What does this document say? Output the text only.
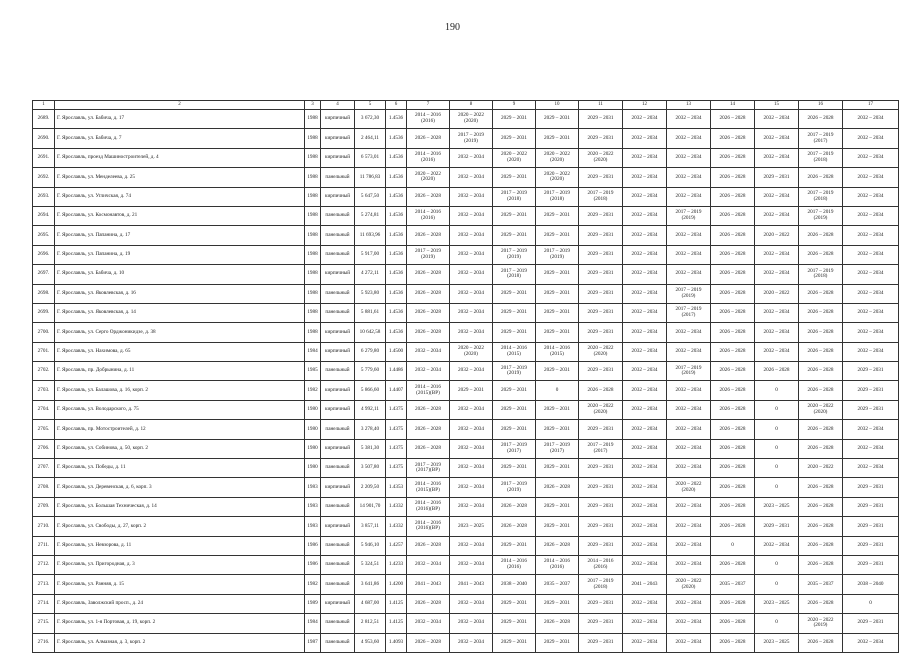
190
1	2	3	4	5	6	7	8	9	10	11	12	13	14	15	16	17
2689.	Г. Ярославль, ул. Бабича, д. 17	1988	кирпичный	3 672,30	1.4536	2014 – 2016 (2016)	2020 – 2022 (2020)	2029 – 2031	2029 – 2031	2029 – 2031	2032 – 2034	2032 – 2034	2026 – 2028	2032 – 2034	2026 – 2028	2032 – 2034
2690.	Г. Ярославль, ул. Бабича, д. 7	1988	кирпичный	2 464,11	1.4536	2026 – 2028	2017 – 2019 (2019)	2029 – 2031	2029 – 2031	2029 – 2031	2032 – 2034	2032 – 2034	2026 – 2028	2032 – 2034	2017 – 2019 (2017)	2032 – 2034
2691.	Г. Ярославль, проезд Машиностроителей, д. 4	1988	кирпичный	6 573,01	1.4536	2014 – 2016 (2016)	2032 – 2034	2020 – 2022 (2020)	2020 – 2022 (2020)	2020 – 2022 (2020)	2032 – 2034	2032 – 2034	2026 – 2028	2032 – 2034	2017 – 2019 (2018)	2032 – 2034
2692.	Г. Ярославль, ул. Менделеева, д. 25	1988	панельный	11 786,83	1.4536	2020 – 2022 (2020)	2032 – 2034	2029 – 2031	2020 – 2022 (2020)	2029 – 2031	2032 – 2034	2032 – 2034	2026 – 2028	2029 – 2031	2026 – 2028	2032 – 2034
2693.	Г. Ярославль, ул. Угличская, д. 74	1988	кирпичный	5 647,50	1.4536	2026 – 2028	2032 – 2034	2017 – 2019 (2018)	2017 – 2019 (2018)	2017 – 2019 (2018)	2032 – 2034	2032 – 2034	2026 – 2028	2032 – 2034	2017 – 2019 (2018)	2032 – 2034
2694.	Г. Ярославль, ул. Космонавтов, д. 21	1988	панельный	5 274,81	1.4536	2014 – 2016 (2016)	2032 – 2034	2029 – 2031	2029 – 2031	2029 – 2031	2032 – 2034	2017 – 2019 (2019)	2026 – 2028	2032 – 2034	2017 – 2019 (2019)	2032 – 2034
2695.	Г. Ярославль, ул. Папанина, д. 17	1988	панельный	11 693,96	1.4536	2026 – 2028	2032 – 2034	2029 – 2031	2029 – 2031	2029 – 2031	2032 – 2034	2032 – 2034	2026 – 2028	2020 – 2022	2026 – 2028	2032 – 2034
2696.	Г. Ярославль, ул. Папанина, д. 19	1988	панельный	5 917,00	1.4536	2017 – 2019 (2019)	2032 – 2034	2017 – 2019 (2019)	2017 – 2019 (2019)	2029 – 2031	2032 – 2034	2032 – 2034	2026 – 2028	2032 – 2034	2026 – 2028	2032 – 2034
2697.	Г. Ярославль, ул. Бабича, д. 10	1988	кирпичный	4 272,11	1.4536	2026 – 2028	2032 – 2034	2017 – 2019 (2018)	2029 – 2031	2029 – 2031	2032 – 2034	2032 – 2034	2026 – 2028	2032 – 2034	2017 – 2019 (2018)	2032 – 2034
2698.	Г. Ярославль, ул. Яковлевская, д. 16	1988	панельный	5 923,80	1.4536	2026 – 2028	2032 – 2034	2029 – 2031	2029 – 2031	2029 – 2031	2032 – 2034	2017 – 2019 (2019)	2026 – 2028	2020 – 2022	2026 – 2028	2032 – 2034
2699.	Г. Ярославль, ул. Яковлевская, д. 14	1988	панельный	5 881,61	1.4536	2026 – 2028	2032 – 2034	2029 – 2031	2029 – 2031	2029 – 2031	2032 – 2034	2017 – 2019 (2017)	2026 – 2028	2032 – 2034	2026 – 2028	2032 – 2034
2700.	Г. Ярославль, ул. Серго Орджоникидзе, д. 38	1988	кирпичный	10 642,58	1.4536	2026 – 2028	2032 – 2034	2029 – 2031	2029 – 2031	2029 – 2031	2032 – 2034	2032 – 2034	2026 – 2028	2032 – 2034	2026 – 2028	2032 – 2034
2701.	Г. Ярославль, ул. Нахимова, д. 65	1984	кирпичный	6 279,80	1.4500	2032 – 2034	2020 – 2022 (2020)	2014 – 2016 (2015)	2014 – 2016 (2015)	2020 – 2022 (2020)	2032 – 2034	2032 – 2034	2026 – 2028	2032 – 2034	2026 – 2028	2032 – 2034
2702.	Г. Ярославль, пр. Добрынина, д. 11	1985	панельный	5 779,60	1.4486	2032 – 2034	2032 – 2034	2017 – 2019 (2019)	2029 – 2031	2029 – 2031	2032 – 2034	2017 – 2019 (2019)	2026 – 2028	2026 – 2028	2026 – 2028	2029 – 2031
2703.	Г. Ярославль, ул. Балашова, д. 16, корп. 2	1982	кирпичный	5 866,60	1.4407	2014 – 2016 (2015)(ВР)	2029 – 2031	2029 – 2031	0	2026 – 2028	2032 – 2034	2032 – 2034	2026 – 2028	0	2026 – 2028	2029 – 2031
2704.	Г. Ярославль, ул. Володарского, д. 75	1980	кирпичный	4 992,11	1.4375	2026 – 2028	2032 – 2034	2029 – 2031	2029 – 2031	2020 – 2022 (2020)	2032 – 2034	2032 – 2034	2026 – 2028	0	2020 – 2022 (2020)	2029 – 2031
2705.	Г. Ярославль, пр. Мотостроителей, д. 12	1980	панельный	3 278,40	1.4375	2026 – 2028	2032 – 2034	2029 – 2031	2029 – 2031	2029 – 2031	2032 – 2034	2032 – 2034	2026 – 2028	0	2026 – 2028	2032 – 2034
2706.	Г. Ярославль, ул. Собинова, д. 50, корп. 2	1980	кирпичный	5 381,30	1.4375	2026 – 2028	2032 – 2034	2017 – 2019 (2017)	2017 – 2019 (2017)	2017 – 2019 (2017)	2032 – 2034	2032 – 2034	2026 – 2028	0	2026 – 2028	2032 – 2034
2707.	Г. Ярославль, ул. Победы, д. 11	1980	панельный	3 507,80	1.4375	2017 – 2019 (2017)(ВР)	2032 – 2034	2029 – 2031	2029 – 2031	2029 – 2031	2032 – 2034	2032 – 2034	2026 – 2028	0	2020 – 2022	2032 – 2034
2708.	Г. Ярославль, ул. Деревенская, д. 6, корп. 3	1983	кирпичный	2 209,50	1.4353	2014 – 2016 (2015)(ВР)	2032 – 2034	2017 – 2019 (2019)	2026 – 2028	2029 – 2031	2032 – 2034	2020 – 2022 (2020)	2026 – 2028	0	2026 – 2028	2029 – 2031
2709.	Г. Ярославль, ул. Большая Техническая, д. 14	1983	панельный	14 901,70	1.4332	2014 – 2016 (2016)(ВР)	2032 – 2034	2026 – 2028	2029 – 2031	2029 – 2031	2032 – 2034	2032 – 2034	2026 – 2028	2023 – 2025	2026 – 2028	2029 – 2031
2710.	Г. Ярославль, ул. Свободы, д. 27, корп. 2	1983	кирпичный	3 857,11	1.4332	2014 – 2016 (2016)(ВР)	2023 – 2025	2026 – 2028	2029 – 2031	2029 – 2031	2032 – 2034	2032 – 2034	2026 – 2028	2029 – 2031	2026 – 2028	2029 – 2031
2711.	Г. Ярославль, ул. Невзорова, д. 11	1986	панельный	5 946,10	1.4257	2026 – 2028	2032 – 2034	2029 – 2031	2026 – 2028	2029 – 2031	2032 – 2034	2032 – 2034	0	2032 – 2034	2026 – 2028	2029 – 2031
2712.	Г. Ярославль, ул. Пригородная, д. 3	1986	панельный	5 324,51	1.4233	2032 – 2034	2032 – 2034	2014 – 2016 (2016)	2014 – 2016 (2016)	2014 – 2016 (2016)	2032 – 2034	2032 – 2034	2026 – 2028	0	2026 – 2028	2029 – 2031
2713.	Г. Ярославль, ул. Ранняя, д. 15	1982	панельный	3 641,86	1.4200	2041 – 2043	2041 – 2043	2038 – 2040	2035 – 2037	2017 – 2019 (2018)	2041 – 2043	2020 – 2022 (2020)	2035 – 2037	0	2035 – 2037	2038 – 2040
2714.	Г. Ярославль, Заволжский просп., д. 24	1989	кирпичный	4 687,00	1.4125	2026 – 2028	2032 – 2034	2029 – 2031	2029 – 2031	2029 – 2031	2032 – 2034	2032 – 2034	2026 – 2028	2023 – 2025	2026 – 2028	0
2715.	Г. Ярославль, ул. 1-я Портовая, д. 19, корп. 2	1984	панельный	2 812,51	1.4125	2032 – 2034	2032 – 2034	2029 – 2031	2026 – 2028	2029 – 2031	2032 – 2034	2032 – 2034	2026 – 2028	0	2020 – 2022 (2019)	2029 – 2031
2716.	Г. Ярославль, ул. Алмазная, д. 3, корп. 2	1987	панельный	4 953,60	1.4093	2026 – 2028	2032 – 2034	2029 – 2031	2029 – 2031	2029 – 2031	2032 – 2034	2032 – 2034	2026 – 2028	2023 – 2025	2026 – 2028	2032 – 2034
